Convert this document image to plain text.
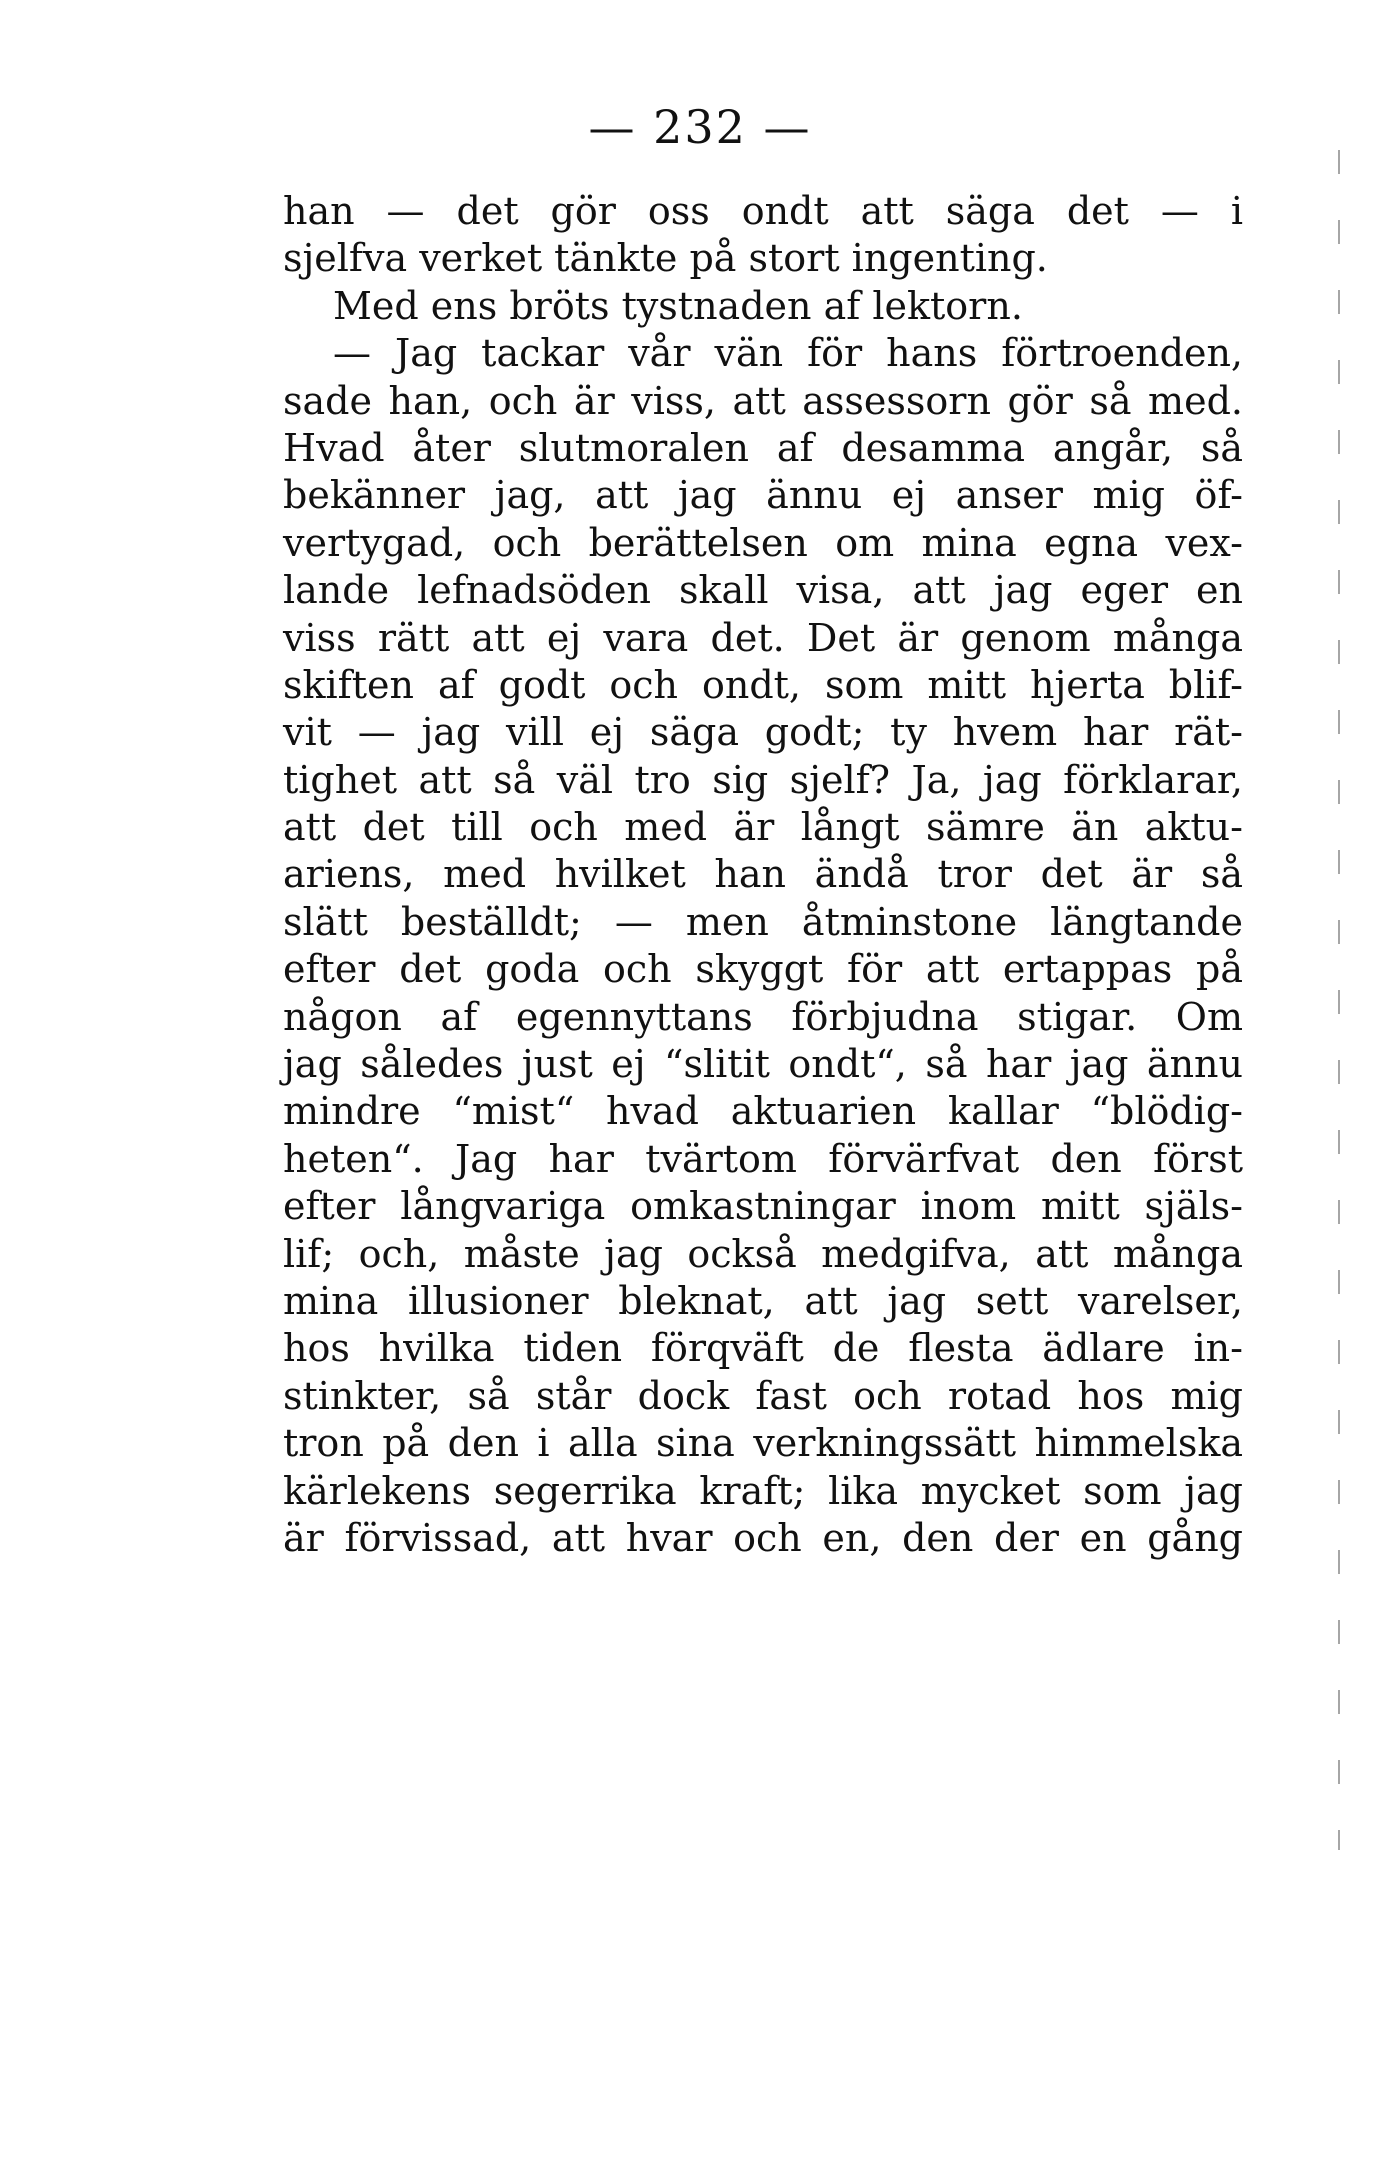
— 232 —
han — det gör oss ondt att säga det — i
sjelfva verket tänkte på stort ingenting.
Med ens bröts tystnaden af lektorn.
— Jag tackar vår vän för hans förtroenden,
sade han, och är viss, att assessorn gör så med.
Hvad åter slutmoralen af desamma angår, så
bekänner jag, att jag ännu ej anser mig öf-
vertygad, och berättelsen om mina egna vex-
lande lefnadsöden skall visa, att jag eger en
viss rätt att ej vara det. Det är genom många
skiften af godt och ondt, som mitt hjerta blif-
vit — jag vill ej säga godt; ty hvem har rät-
tighet att så väl tro sig sjelf? Ja, jag förklarar,
att det till och med är långt sämre än aktu-
ariens, med hvilket han ändå tror det är så
slätt beställdt; — men åtminstone längtande
efter det goda och skyggt för att ertappas på
någon af egennyttans förbjudna stigar. Om
jag således just ej “slitit ondt“, så har jag ännu
mindre “mist“ hvad aktuarien kallar “blödig-
heten“. Jag har tvärtom förvärfvat den först
efter långvariga omkastningar inom mitt själs-
lif; och, måste jag också medgifva, att många
mina illusioner bleknat, att jag sett varelser,
hos hvilka tiden förqväft de flesta ädlare in-
stinkter, så står dock fast och rotad hos mig
tron på den i alla sina verkningssätt himmelska
kärlekens segerrika kraft; lika mycket som jag
är förvissad, att hvar och en, den der en gång
